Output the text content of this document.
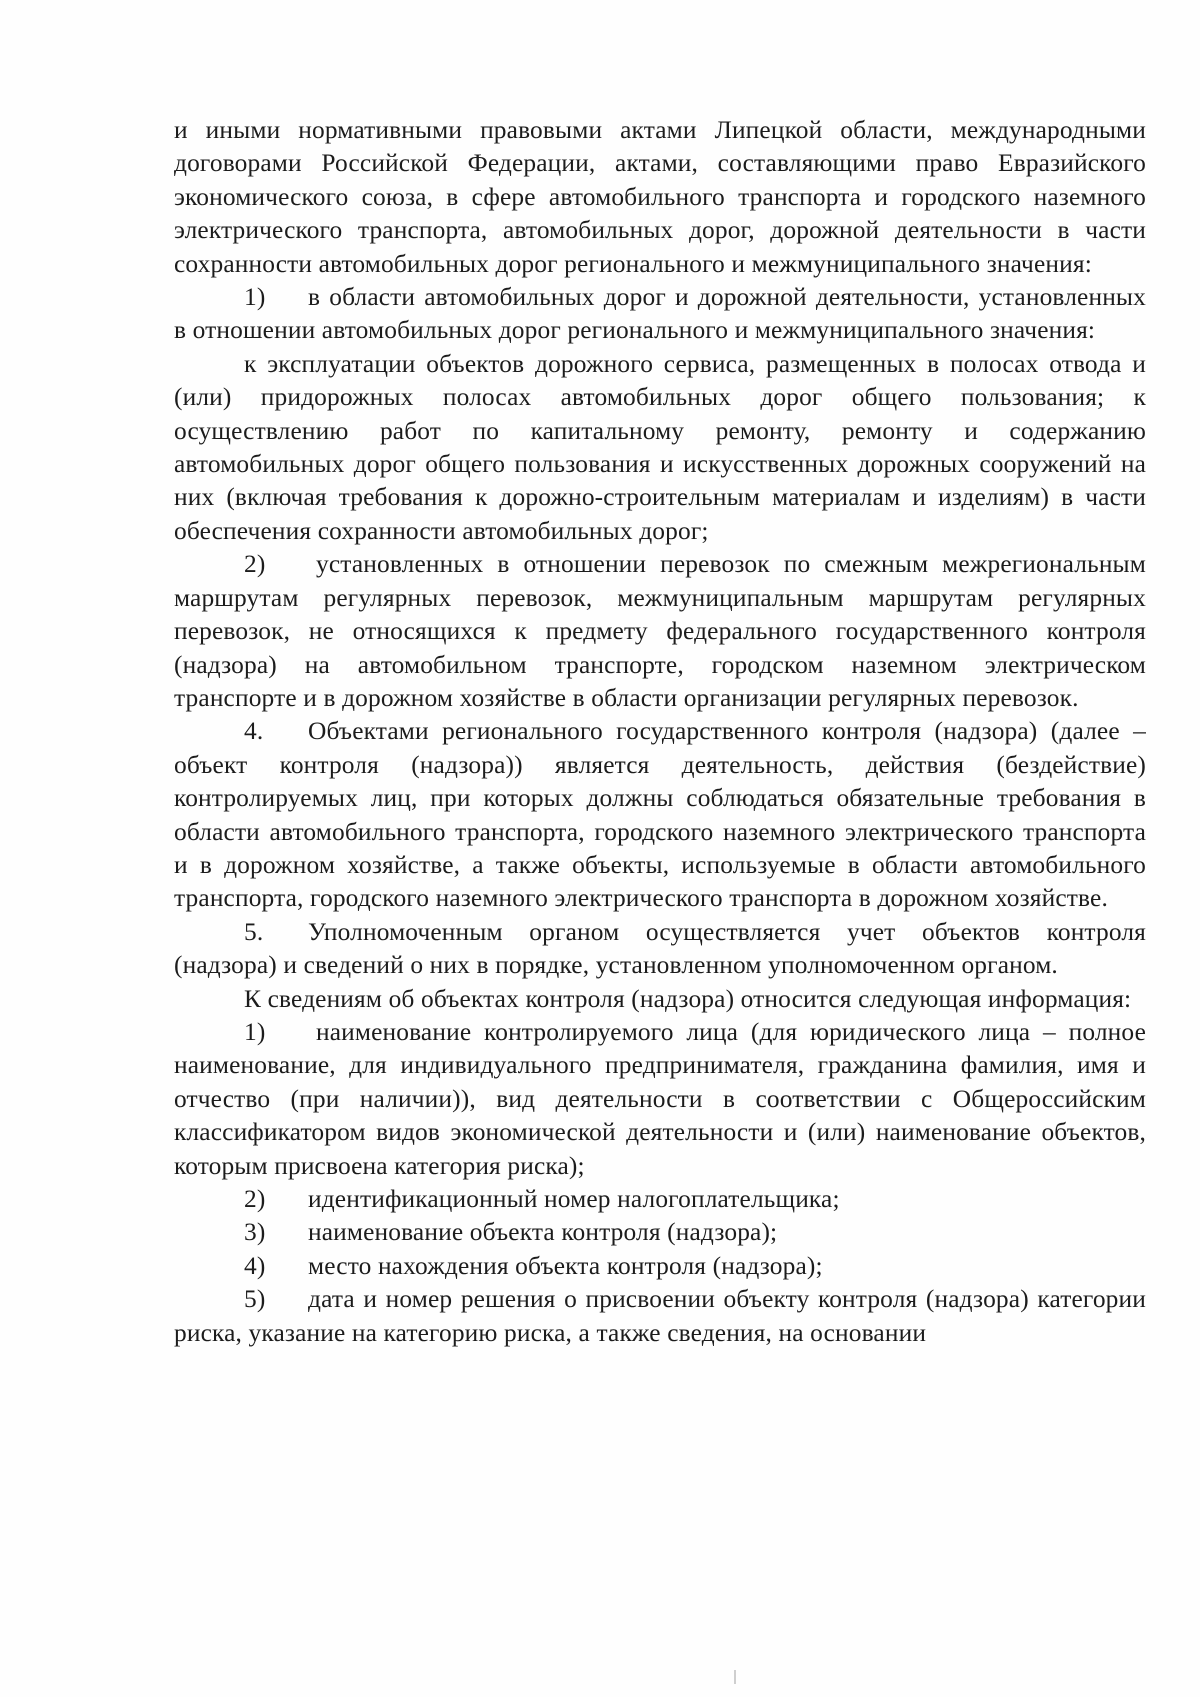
и иными нормативными правовыми актами Липецкой области, международными договорами Российской Федерации, актами, составляющими право Евразийского экономического союза, в сфере автомобильного транспорта и городского наземного электрического транспорта, автомобильных дорог, дорожной деятельности в части сохранности автомобильных дорог регионального и межмуниципального значения:

1) в области автомобильных дорог и дорожной деятельности, установленных в отношении автомобильных дорог регионального и межмуниципального значения:

к эксплуатации объектов дорожного сервиса, размещенных в полосах отвода и (или) придорожных полосах автомобильных дорог общего пользования; к осуществлению работ по капитальному ремонту, ремонту и содержанию автомобильных дорог общего пользования и искусственных дорожных сооружений на них (включая требования к дорожно-строительным материалам и изделиям) в части обеспечения сохранности автомобильных дорог;

2) установленных в отношении перевозок по смежным межрегиональным маршрутам регулярных перевозок, межмуниципальным маршрутам регулярных перевозок, не относящихся к предмету федерального государственного контроля (надзора) на автомобильном транспорте, городском наземном электрическом транспорте и в дорожном хозяйстве в области организации регулярных перевозок.

4. Объектами регионального государственного контроля (надзора) (далее – объект контроля (надзора)) является деятельность, действия (бездействие) контролируемых лиц, при которых должны соблюдаться обязательные требования в области автомобильного транспорта, городского наземного электрического транспорта и в дорожном хозяйстве, а также объекты, используемые в области автомобильного транспорта, городского наземного электрического транспорта в дорожном хозяйстве.

5. Уполномоченным органом осуществляется учет объектов контроля (надзора) и сведений о них в порядке, установленном уполномоченном органом.

К сведениям об объектах контроля (надзора) относится следующая информация:

1) наименование контролируемого лица (для юридического лица – полное наименование, для индивидуального предпринимателя, гражданина фамилия, имя и отчество (при наличии)), вид деятельности в соответствии с Общероссийским классификатором видов экономической деятельности и (или) наименование объектов, которым присвоена категория риска);

2) идентификационный номер налогоплательщика;

3) наименование объекта контроля (надзора);

4) место нахождения объекта контроля (надзора);

5) дата и номер решения о присвоении объекту контроля (надзора) категории риска, указание на категорию риска, а также сведения, на основании
